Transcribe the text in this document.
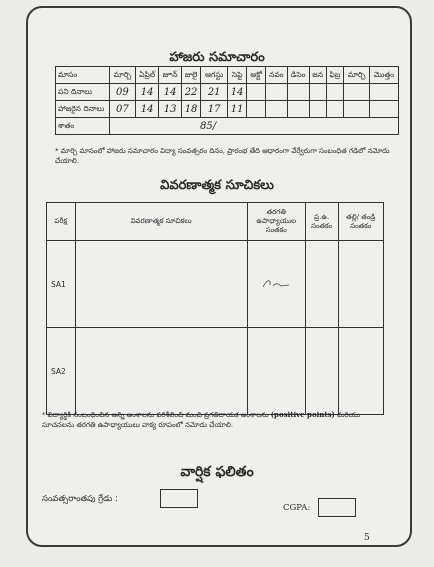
హాజరు సమాచారం
మాసం	మార్చి	ఏప్రిల్	జూన్	జులై	ఆగస్టు	సెప్టె	అక్టో	నవం	డిసెం	జన	ఫిబ్ర	మార్చి	మొత్తం
పని దినాలు	09	14	14	22	21	14							
హాజరైన దినాలు	07	14	13	18	17	11							
శాతం	85/												
* మార్చి మాసంలో హాజరు సమాచారం విద్యా సంవత్సరం దినం, ప్రారంభ తేది ఆధారంగా వేర్వేరుగా సంబంధిత గడిలో నమోదు చేయాలి.
వివరణాత్మక సూచికలు
పరీక్ష	వివరణాత్మక సూచికలు	తరగతి ఉపాధ్యాయుల సంతకం	ప్ర.ఉ. సంతకం	తల్లి/ తండ్రి సంతకం
SA1				
SA2				
* విద్యార్థికి సంబంధించిన అన్ని అంశాలను పరిశీలించి మంచి ప్రగతిదాయక అంశాలను (positive points) మరియు సూచనలను తరగతి ఉపాధ్యాయులు వాక్య రూపంలో నమోదు చేయాలి.
వార్షిక ఫలితం
సంవత్సరాంతపు గ్రేడు :
CGPA:
5
